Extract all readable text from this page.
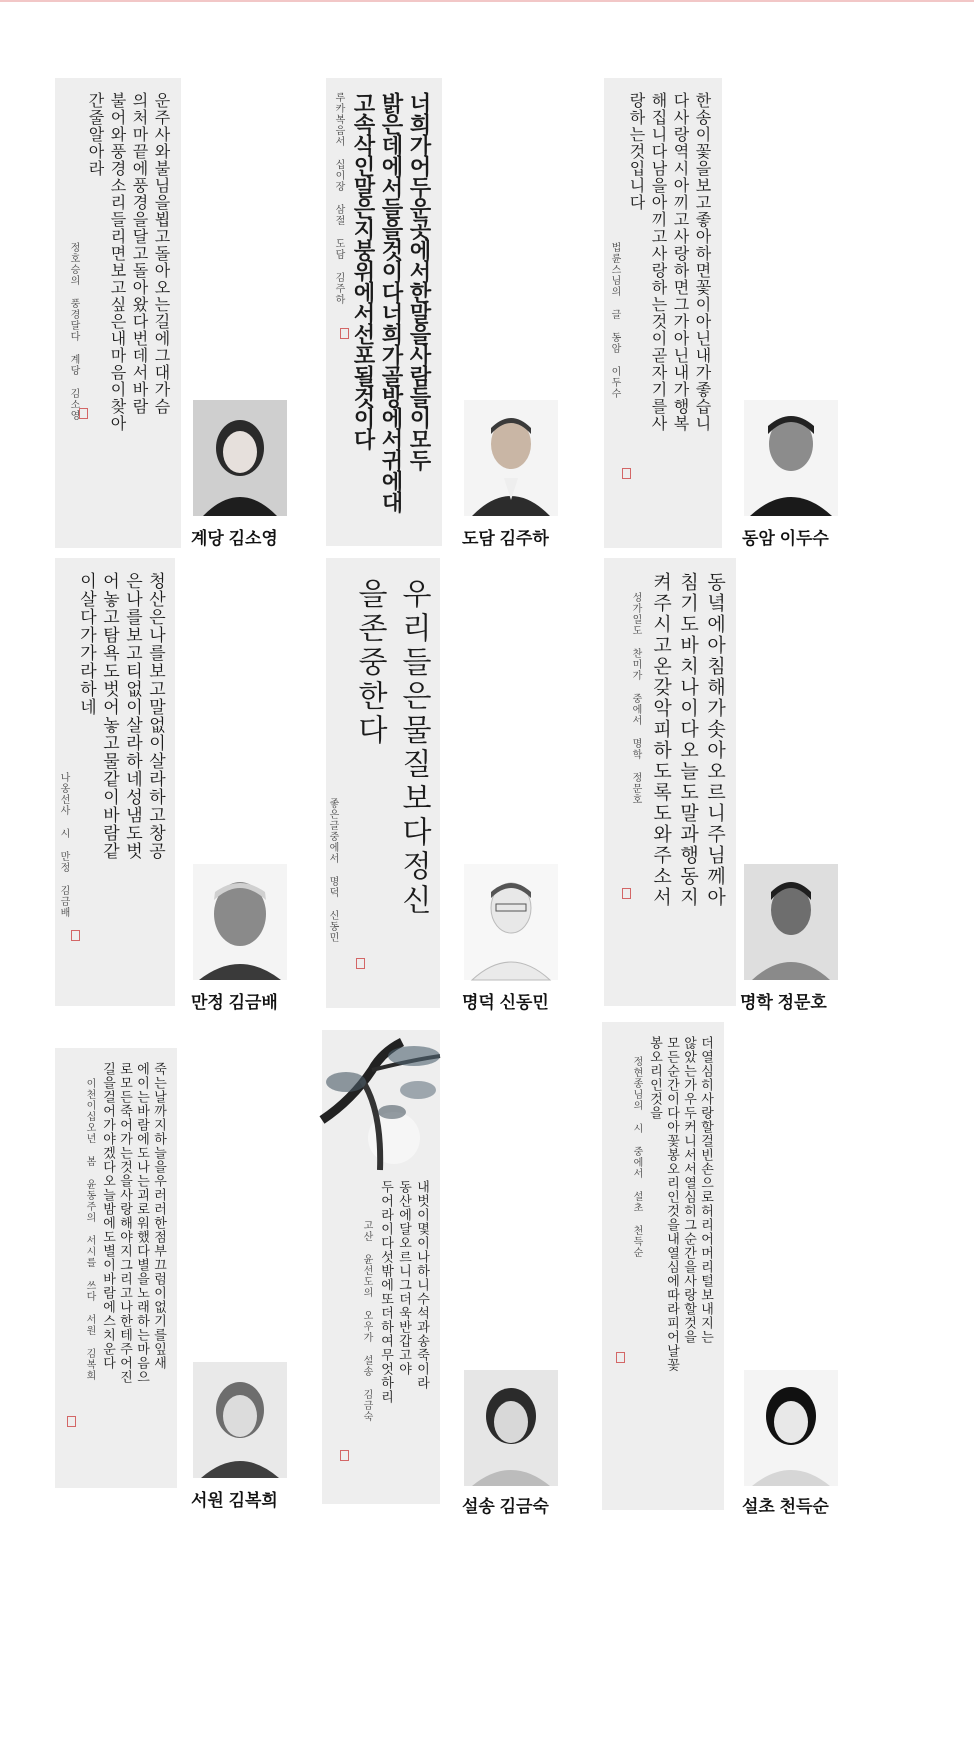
운주사와불님을뵙고돌아오는길에그대가슴
의처마끝에풍경을달고돌아왔다번데서바람
불어와풍경소리들리면보고싶은내마음이찾아
간줄알아라
정호승의 풍경달다 계당 김소영
계당 김소영
너희가어두운곳에서한말을사람들이모두
밝은데에서들을것이다너희가골방에서귀에대
고속삭인말은지붕위에서선포될것이다
루카복음서 십이장 삼절 도담 김주하
도담 김주하
한송이꽃을보고좋아하면꽃이아닌내가좋습니
다사랑역시아끼고사랑하면그가아닌내가행복
해집니다남을아끼고사랑하는것이곧자기를사
랑하는것입니다
법륜스님의 글 동암 이두수
동암 이두수
청산은나를보고말없이살라하고창공
은나를보고티없이살라하네성냄도벗
어놓고탐욕도벗어놓고물같이바람같
이살다가가라하네
나옹선사 시 만정 김금배
만정 김금배
우리들은물질보다정신
을존중한다
좋은글중에서 명덕 신동민
명덕 신동민
동녘에아침해가솟아오르니주님께아
침기도바치나이다오늘도말과행동지
켜주시고온갖악피하도록도와주소서
성가일도 찬미가 중에서 명학 정문호
명학 정문호
죽는날까지하늘을우러러한점부끄럼이없기를잎새
에이는바람에도나는괴로워했다별을노래하는마음으
로모든죽어가는것을사랑해야지그리고나한테주어진
길을걸어가야겠다오늘밤에도별이바람에스치운다
이천이십오년 봄 윤동주의 서시를 쓰다 서원 김복희
서원 김복희
내벗이몇이나하니수석과송죽이라
동산에달오르니그더욱반갑고야
두어라이다섯밖에또더하여무엇하리
고산 윤선도의 오우가 설송 김금숙
설송 김금숙
더열심히사랑할걸빈손으로허리어머리털보내지는
않았는가우두커니서서열심히그순간을사랑할것을
모든순간이다아꽃봉오리인것을내열심에따라피어날꽃
봉오리인것을
정현종님의 시 중에서 설초 천득순
설초 천득순
